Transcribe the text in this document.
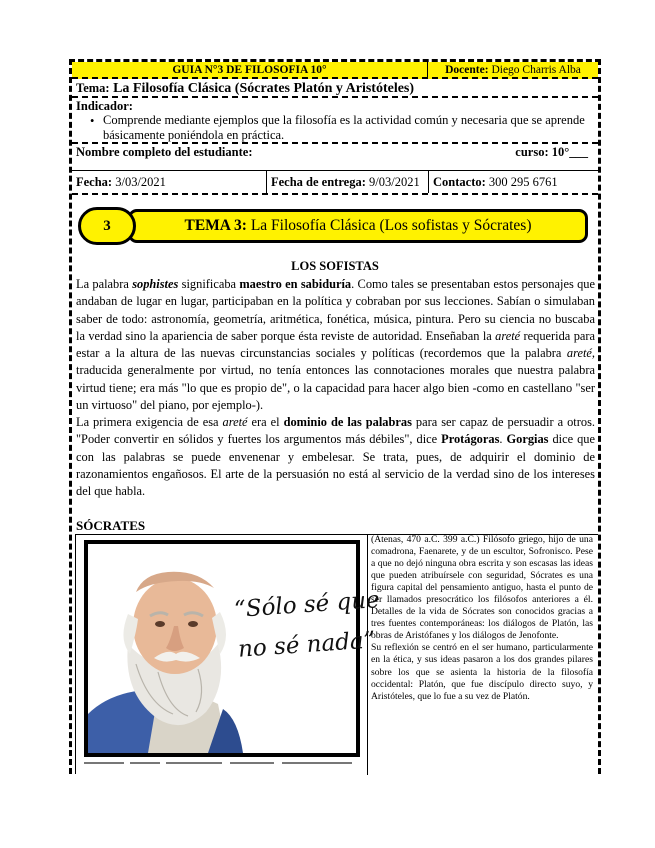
GUIA N°3 DE FILOSOFIA 10°	Docente: Diego Charris Alba
Tema: La Filosofía Clásica (Sócrates Platón y Aristóteles)
Indicador:
• Comprende mediante ejemplos que la filosofía es la actividad común y necesaria que se aprende básicamente poniéndola en práctica.
Nombre completo del estudiante:	curso: 10°___
Fecha: 3/03/2021	Fecha de entrega: 9/03/2021	Contacto: 300 295 6761
TEMA 3: La Filosofía Clásica (Los sofistas y Sócrates)
3
LOS SOFISTAS
La palabra sophistes significaba maestro en sabiduría. Como tales se presentaban estos personajes que andaban de lugar en lugar, participaban en la política y cobraban por sus lecciones. Sabían o simulaban saber de todo: astronomía, geometría, aritmética, fonética, música, pintura. Pero su ciencia no buscaba la verdad sino la apariencia de saber porque ésta reviste de autoridad. Enseñaban la areté requerida para estar a la altura de las nuevas circunstancias sociales y políticas (recordemos que la palabra areté, traducida generalmente por virtud, no tenía entonces las connotaciones morales que nuestra palabra virtud tiene; era más "lo que es propio de", o la capacidad para hacer algo bien -como en castellano "ser un virtuoso" del piano, por ejemplo-).
La primera exigencia de esa areté era el dominio de las palabras para ser capaz de persuadir a otros. "Poder convertir en sólidos y fuertes los argumentos más débiles", dice Protágoras. Gorgias dice que con las palabras se puede envenenar y embelesar. Se trata, pues, de adquirir el dominio de razonamientos engañosos. El arte de la persuasión no está al servicio de la verdad sino de los intereses del que habla.
SÓCRATES
“Sólo sé que
no sé nada”

(Atenas, 470 a.C. 399 a.C.) Filósofo griego, hijo de una comadrona, Faenarete, y de un escultor, Sofronisco. Pese a que no dejó ninguna obra escrita y son escasas las ideas que pueden atribuírsele con seguridad, Sócrates es una figura capital del pensamiento antiguo, hasta el punto de ser llamados presocrático los filósofos anteriores a él. Detalles de la vida de Sócrates son conocidos gracias a tres fuentes contemporáneas: los diálogos de Platón, las obras de Aristófanes y los diálogos de Jenofonte.

Su reflexión se centró en el ser humano, particularmente en la ética, y sus ideas pasaron a los dos grandes pilares sobre los que se asienta la historia de la filosofía occidental: Platón, que fue discípulo directo suyo, y Aristóteles, que lo fue a su vez de Platón.
